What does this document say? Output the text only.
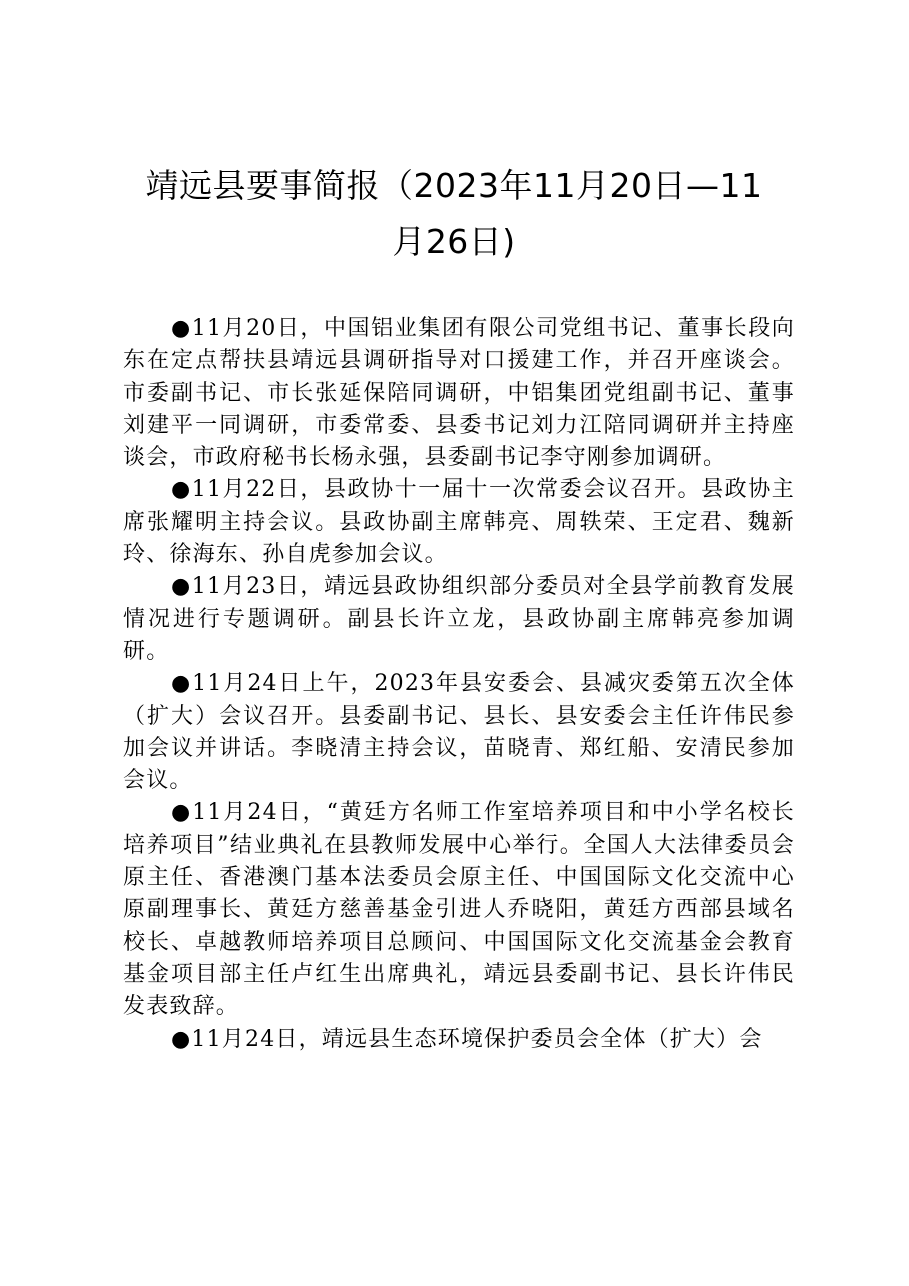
靖远县要事简报（2023年11月20日—11
月26日)

●11月20日，中国铝业集团有限公司党组书记、董事长段向东在定点帮扶县靖远县调研指导对口援建工作，并召开座谈会。市委副书记、市长张延保陪同调研，中铝集团党组副书记、董事刘建平一同调研，市委常委、县委书记刘力江陪同调研并主持座谈会，市政府秘书长杨永强，县委副书记李守刚参加调研。

●11月22日，县政协十一届十一次常委会议召开。县政协主席张耀明主持会议。县政协副主席韩亮、周轶荣、王定君、魏新玲、徐海东、孙自虎参加会议。

●11月23日，靖远县政协组织部分委员对全县学前教育发展情况进行专题调研。副县长许立龙，县政协副主席韩亮参加调研。

●11月24日上午，2023年县安委会、县减灾委第五次全体（扩大）会议召开。县委副书记、县长、县安委会主任许伟民参加会议并讲话。李晓清主持会议，苗晓青、郑红船、安清民参加会议。

●11月24日，“黄廷方名师工作室培养项目和中小学名校长培养项目”结业典礼在县教师发展中心举行。全国人大法律委员会原主任、香港澳门基本法委员会原主任、中国国际文化交流中心原副理事长、黄廷方慈善基金引进人乔晓阳，黄廷方西部县域名校长、卓越教师培养项目总顾问、中国国际文化交流基金会教育基金项目部主任卢红生出席典礼，靖远县委副书记、县长许伟民发表致辞。

●11月24日，靖远县生态环境保护委员会全体（扩大）会
